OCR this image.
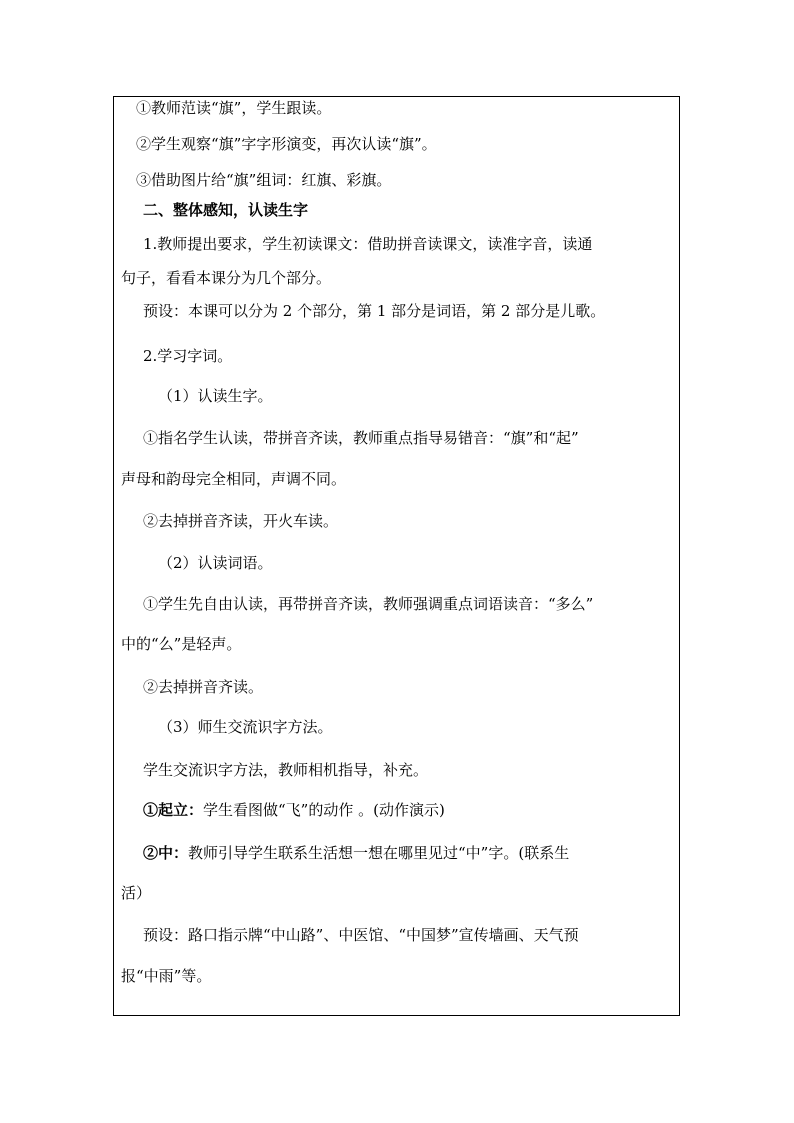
①教师范读“旗”，学生跟读。
②学生观察“旗”字字形演变，再次认读“旗”。
③借助图片给“旗”组词：红旗、彩旗。
二、整体感知，认读生字
1.教师提出要求，学生初读课文：借助拼音读课文，读准字音，读通
句子，看看本课分为几个部分。
预设：本课可以分为 2 个部分，第 1 部分是词语，第 2 部分是儿歌。
2.学习字词。
（1）认读生字。
①指名学生认读，带拼音齐读，教师重点指导易错音：“旗”和“起”
声母和韵母完全相同，声调不同。
②去掉拼音齐读，开火车读。
（2）认读词语。
①学生先自由认读，再带拼音齐读，教师强调重点词语读音：“多么”
中的“么”是轻声。
②去掉拼音齐读。
（3）师生交流识字方法。
学生交流识字方法，教师相机指导，补充。
①起立：学生看图做“飞”的动作 。(动作演示)
②中：教师引导学生联系生活想一想在哪里见过“中”字。(联系生
活）
预设：路口指示牌“中山路”、中医馆、“中国梦”宣传墙画、天气预
报“中雨”等。
